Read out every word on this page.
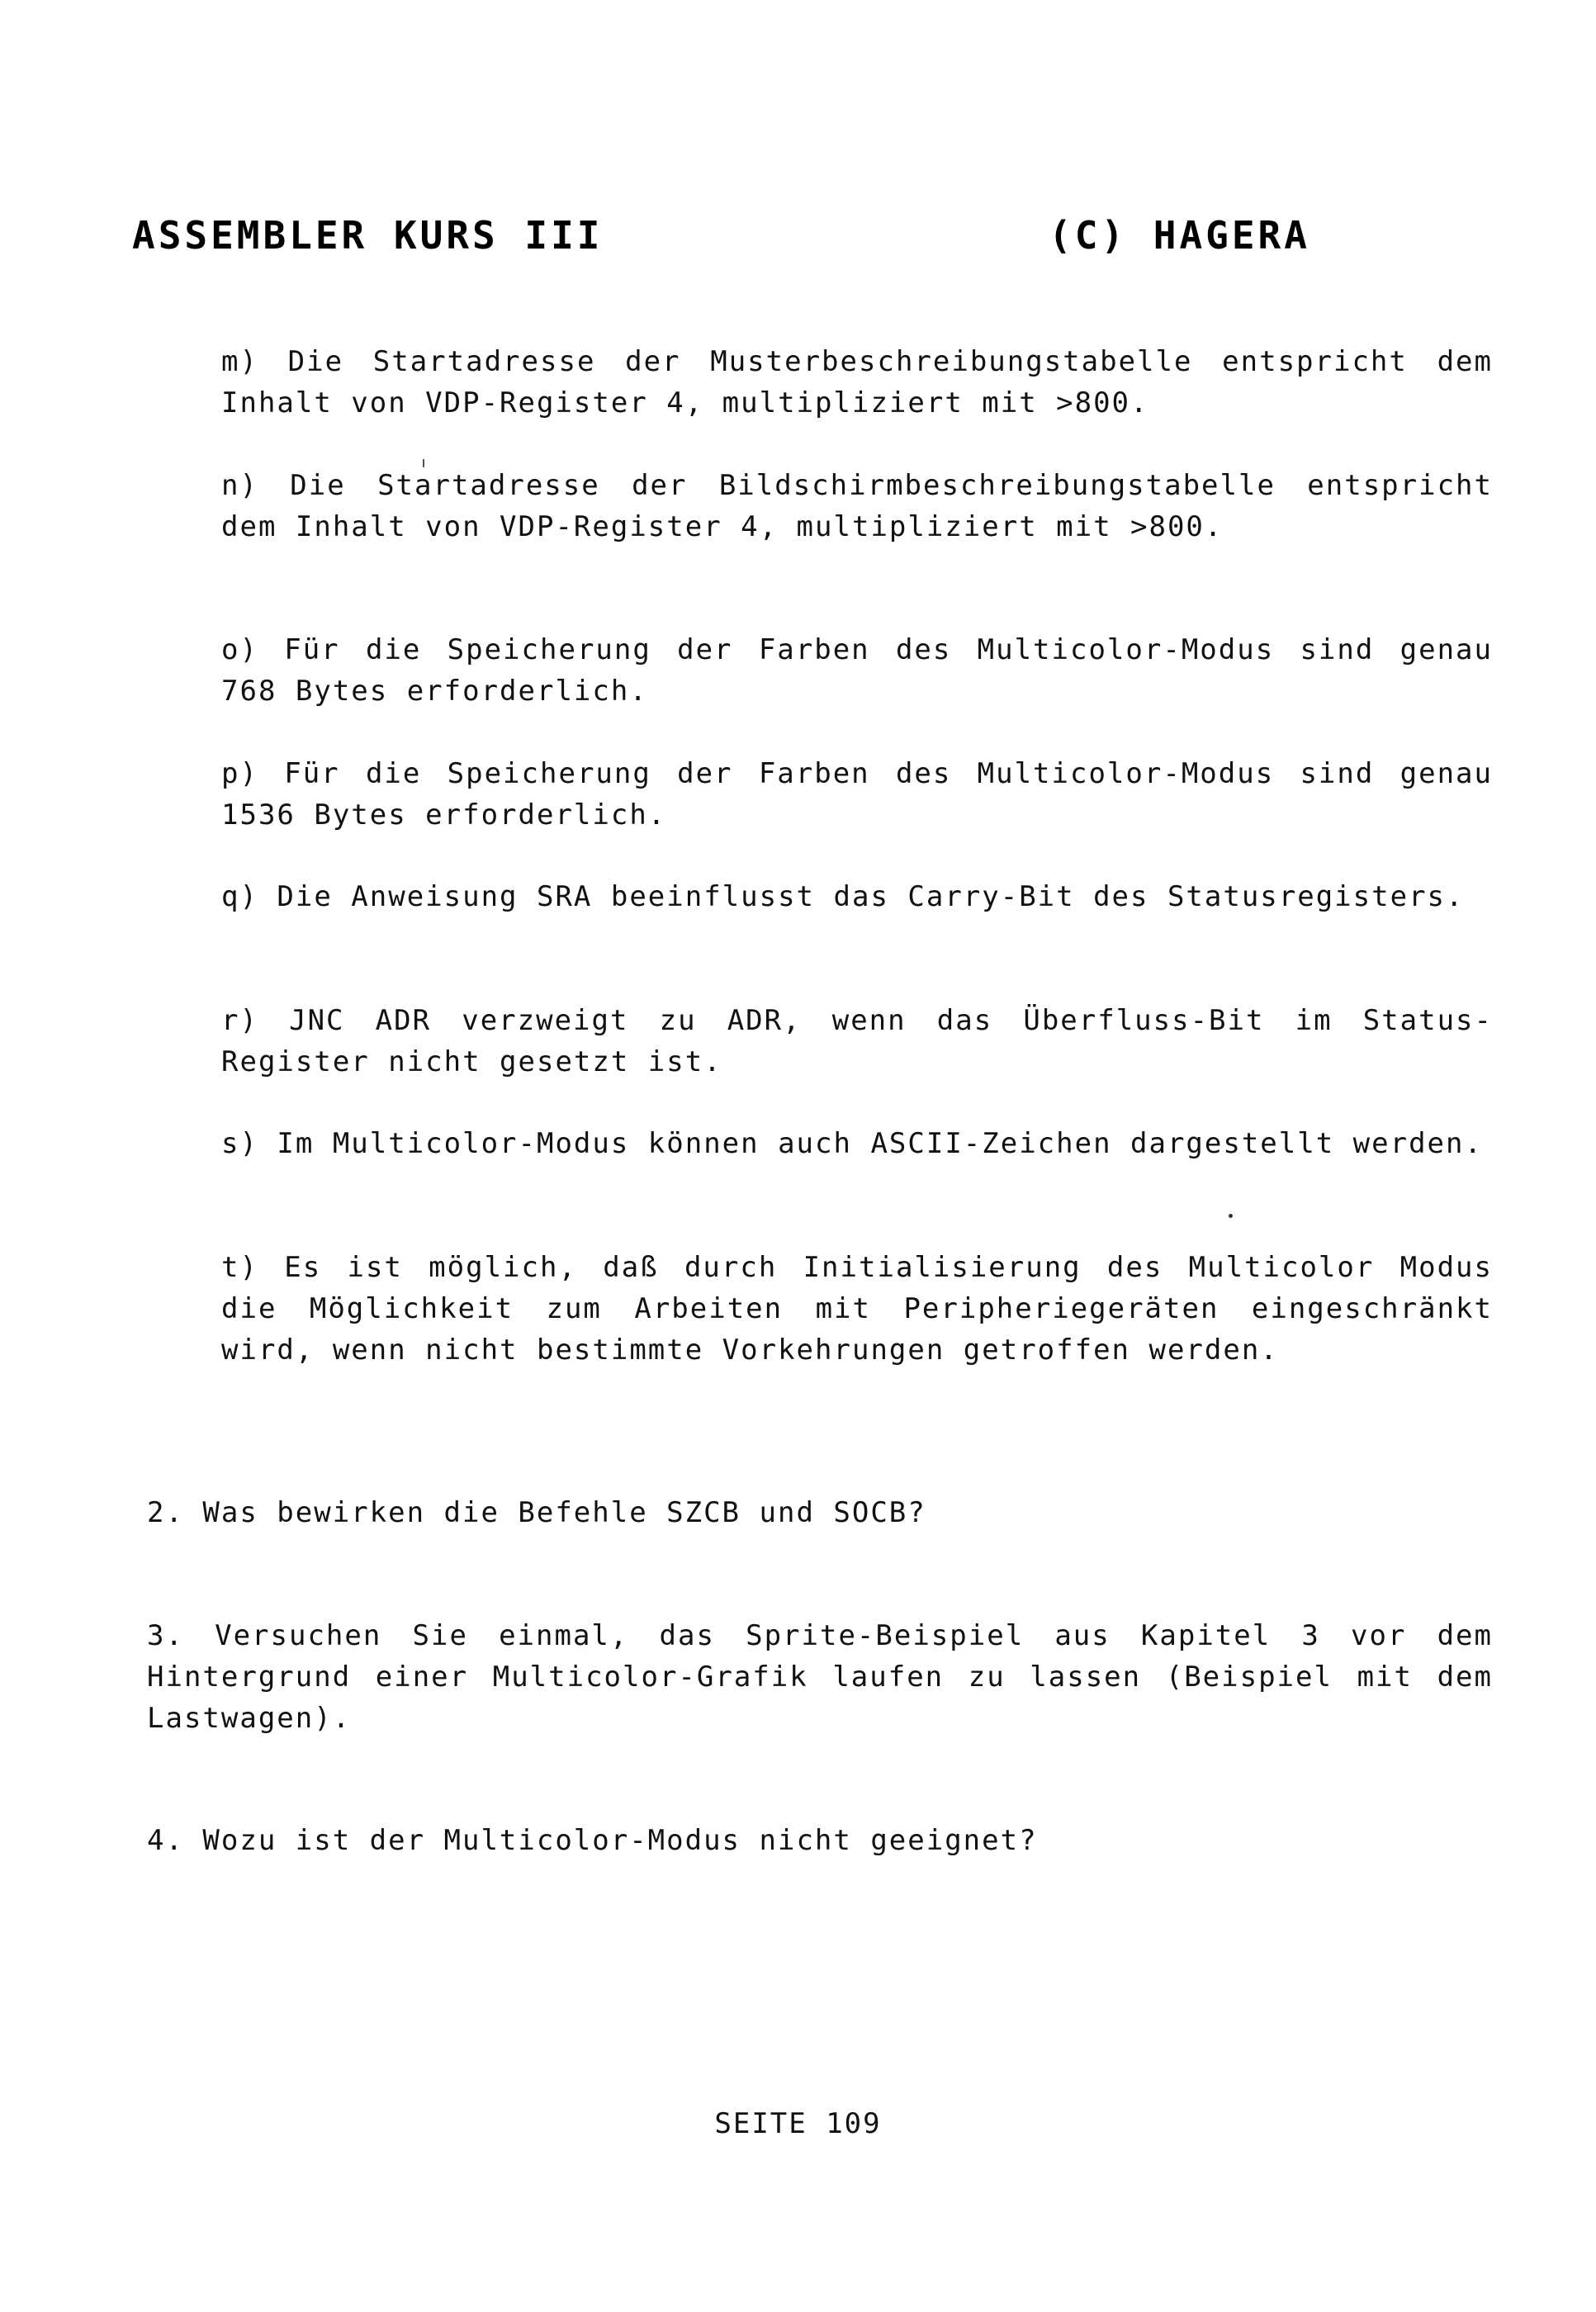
ASSEMBLER KURS III	(C) HAGERA
m) Die Startadresse der Musterbeschreibungstabelle entspricht dem Inhalt von VDP-Register 4, multipliziert mit >800.
n) Die Startadresse der Bildschirmbeschreibungstabelle entspricht dem Inhalt von VDP-Register 4, multipliziert mit >800.
o) Für die Speicherung der Farben des Multicolor-Modus sind genau 768 Bytes erforderlich.
p) Für die Speicherung der Farben des Multicolor-Modus sind genau 1536 Bytes erforderlich.
q) Die Anweisung SRA beeinflusst das Carry-Bit des Statusregisters.
r) JNC ADR verzweigt zu ADR, wenn das Überfluss-Bit im Status-Register nicht gesetzt ist.
s) Im Multicolor-Modus können auch ASCII-Zeichen dargestellt werden.
t) Es ist möglich, daß durch Initialisierung des Multicolor Modus die Möglichkeit zum Arbeiten mit Peripheriegeräten eingeschränkt wird, wenn nicht bestimmte Vorkehrungen getroffen werden.
2. Was bewirken die Befehle SZCB und SOCB?
3. Versuchen Sie einmal, das Sprite-Beispiel aus Kapitel 3 vor dem Hintergrund einer Multicolor-Grafik laufen zu lassen (Beispiel mit dem Lastwagen).
4. Wozu ist der Multicolor-Modus nicht geeignet?
SEITE 109
